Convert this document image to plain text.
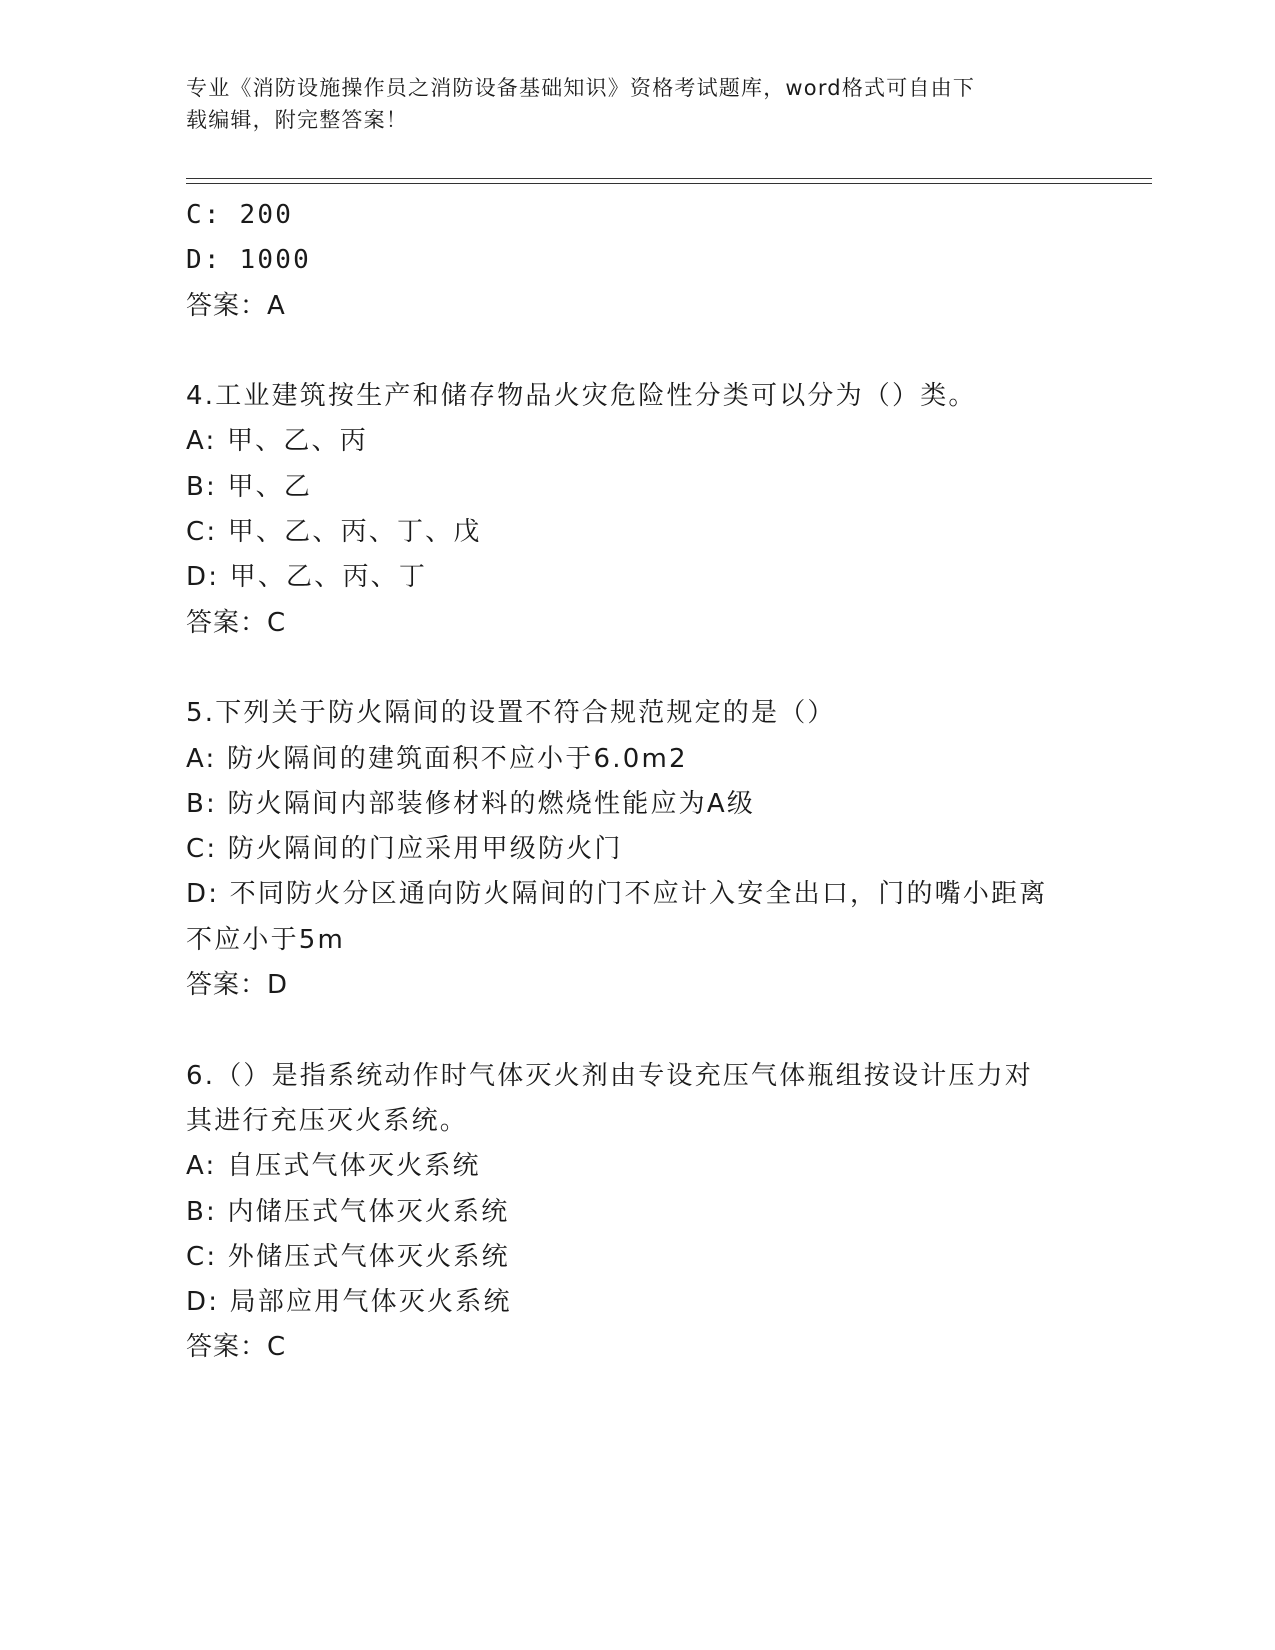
专业《消防设施操作员之消防设备基础知识》资格考试题库，word格式可自由下
载编辑，附完整答案！
C: 200
D: 1000
答案：A
4.工业建筑按生产和储存物品火灾危险性分类可以分为（）类。
A: 甲、乙、丙
B: 甲、乙
C: 甲、乙、丙、丁、戊
D: 甲、乙、丙、丁
答案：C
5.下列关于防火隔间的设置不符合规范规定的是（）
A: 防火隔间的建筑面积不应小于6.0m2
B: 防火隔间内部装修材料的燃烧性能应为A级
C: 防火隔间的门应采用甲级防火门
D: 不同防火分区通向防火隔间的门不应计入安全出口，门的嘴小距离不应小于5m
答案：D
6.（）是指系统动作时气体灭火剂由专设充压气体瓶组按设计压力对其进行充压灭火系统。
A: 自压式气体灭火系统
B: 内储压式气体灭火系统
C: 外储压式气体灭火系统
D: 局部应用气体灭火系统
答案：C
